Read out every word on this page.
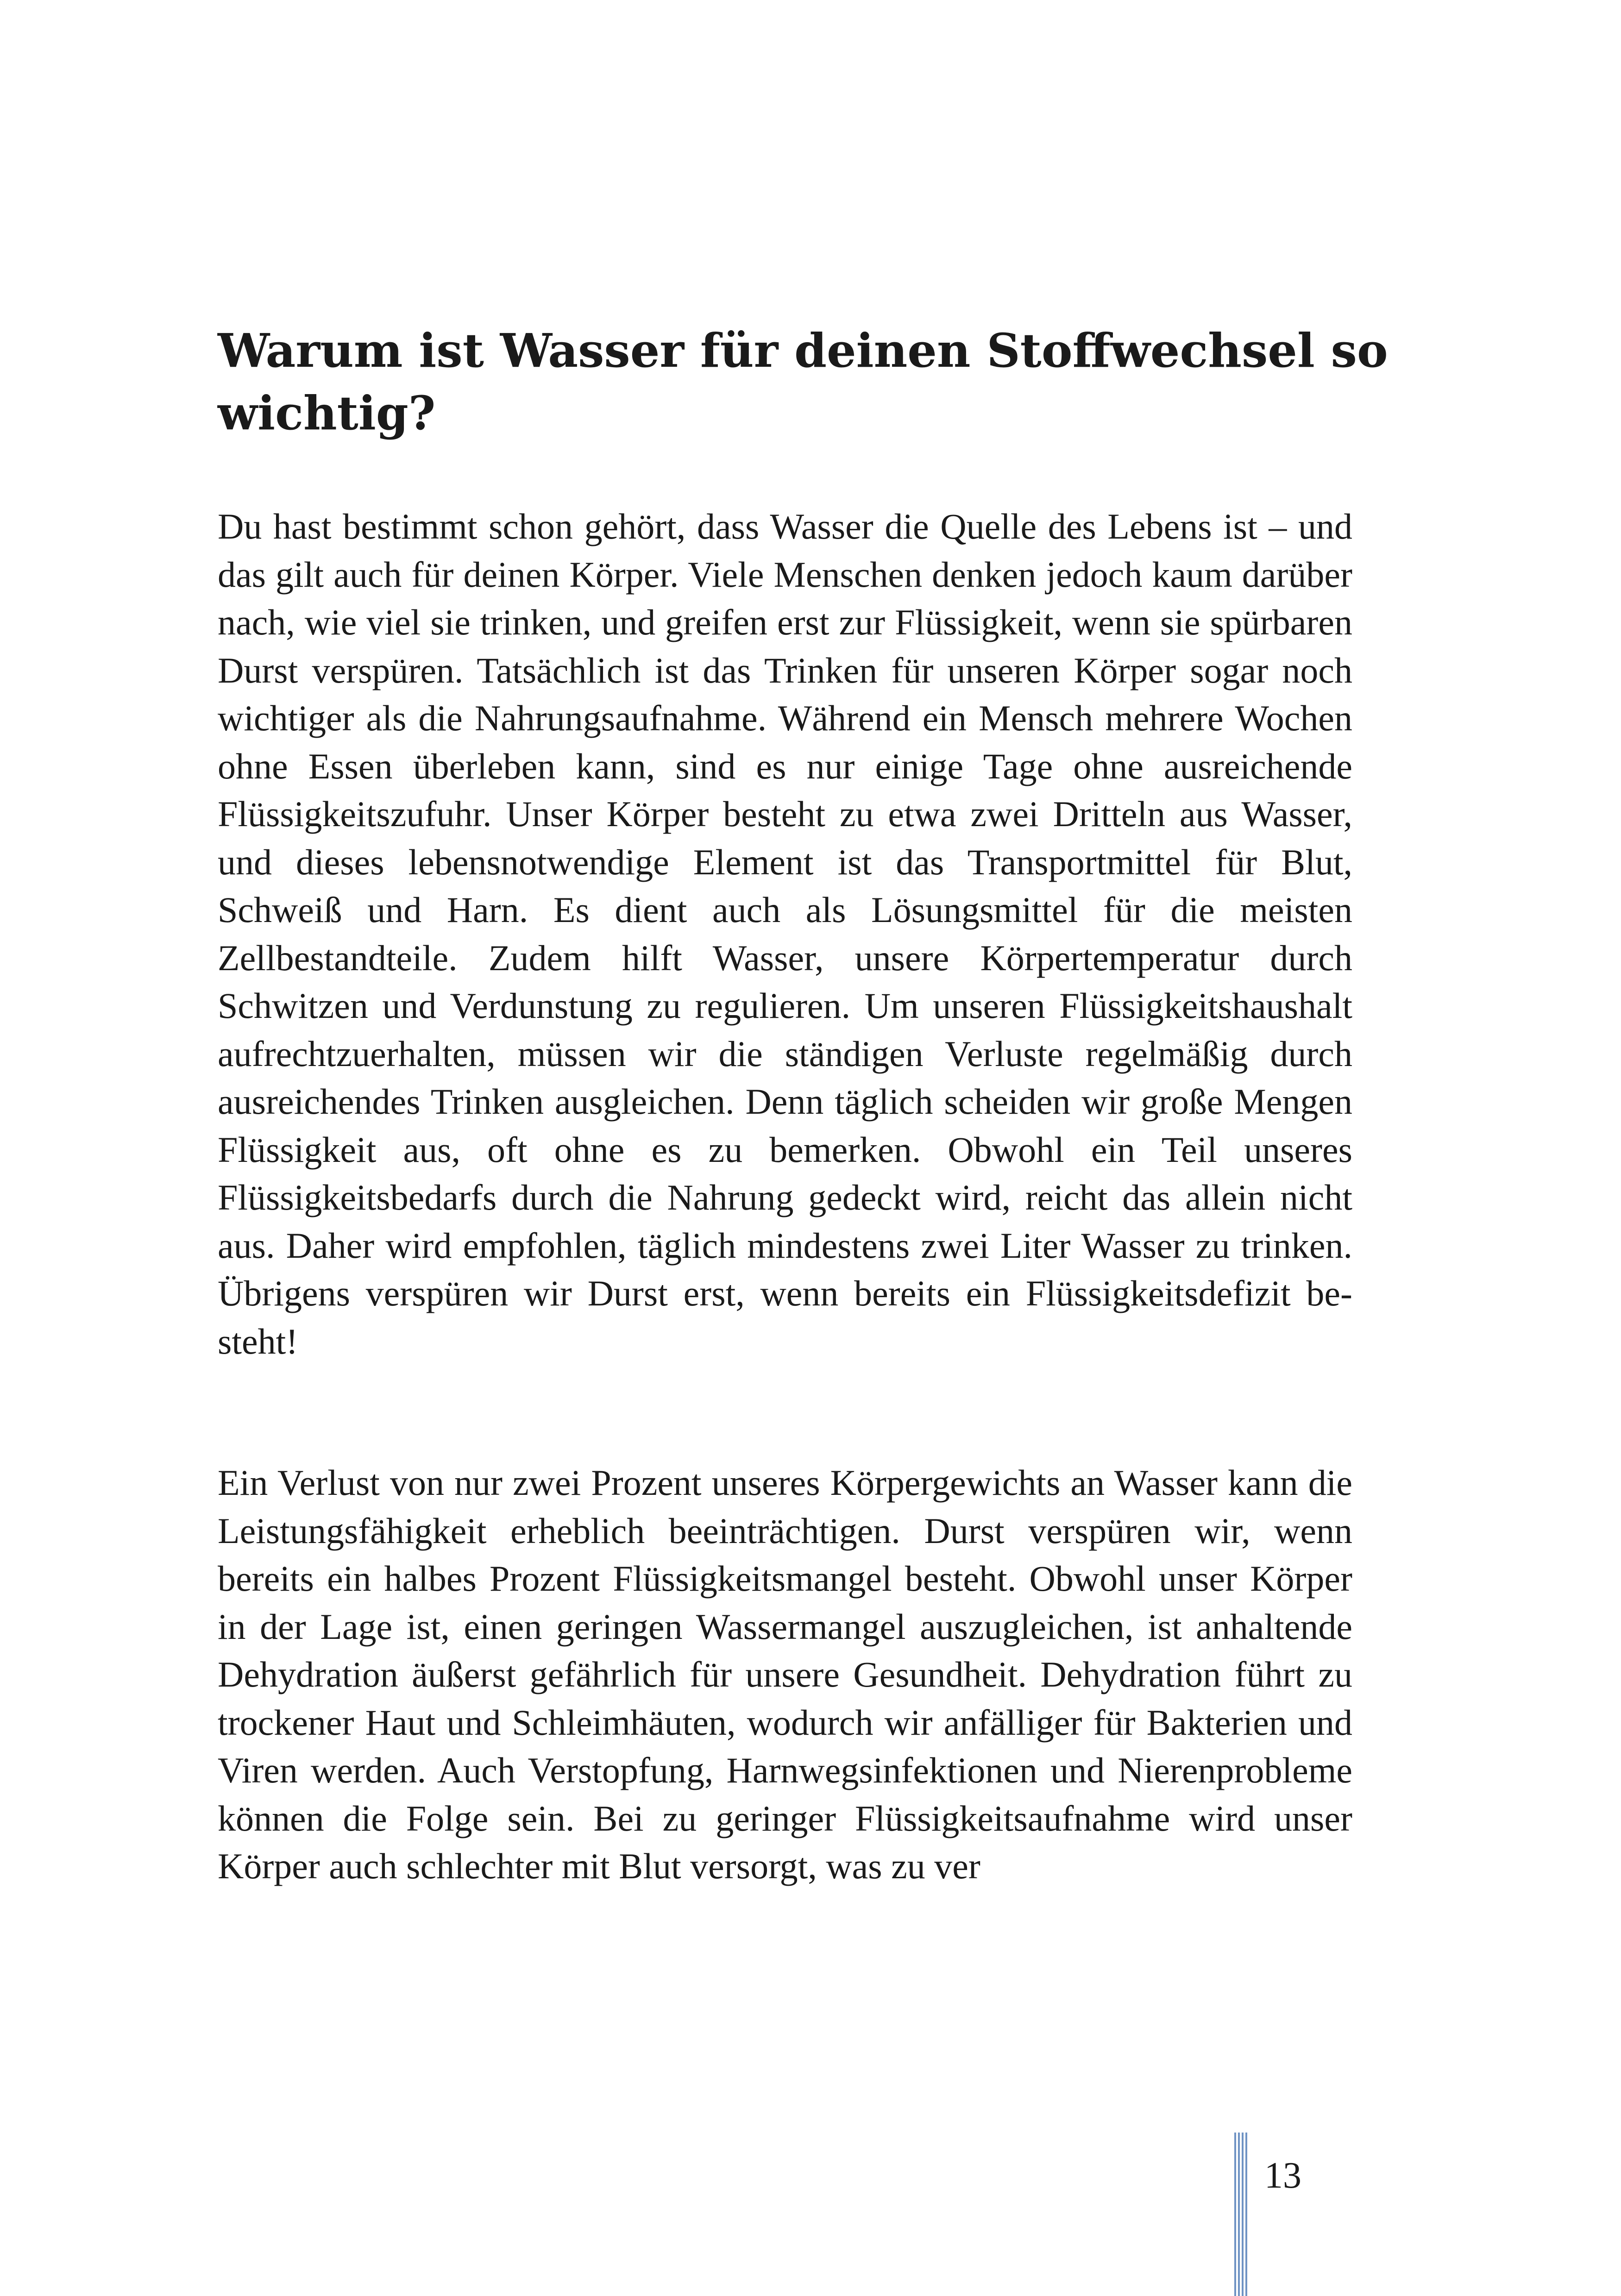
Warum ist Wasser für deinen Stoffwechsel so wichtig?

Du hast bestimmt schon gehört, dass Wasser die Quelle des Lebens ist – und das gilt auch für deinen Körper. Viele Menschen denken jedoch kaum darüber nach, wie viel sie trinken, und greifen erst zur Flüssigkeit, wenn sie spürbaren Durst verspüren. Tatsächlich ist das Trinken für unseren Körper sogar noch wichtiger als die Nahrungsaufnahme. Während ein Mensch mehrere Wochen ohne Essen überleben kann, sind es nur einige Tage ohne ausreichende Flüssigkeitszufuhr. Unser Körper besteht zu etwa zwei Dritteln aus Wasser, und dieses lebensnotwendige Element ist das Transportmittel für Blut, Schweiß und Harn. Es dient auch als Lösungsmittel für die meisten Zellbestandteile. Zudem hilft Wasser, unsere Körpertemperatur durch Schwitzen und Verdunstung zu regulieren. Um unseren Flüssigkeitshaushalt aufrechtzuerhalten, müssen wir die ständigen Verluste regelmäßig durch ausreichendes Trinken ausgleichen. Denn täglich scheiden wir große Mengen Flüssigkeit aus, oft ohne es zu bemerken. Obwohl ein Teil unseres Flüssigkeitsbedarfs durch die Nahrung gedeckt wird, reicht das allein nicht aus. Daher wird empfohlen, täglich mindestens zwei Liter Wasser zu trinken. Übrigens verspüren wir Durst erst, wenn bereits ein Flüssigkeitsdefizit besteht!

Ein Verlust von nur zwei Prozent unseres Körpergewichts an Wasser kann die Leistungsfähigkeit erheblich beeinträchtigen. Durst verspüren wir, wenn bereits ein halbes Prozent Flüssigkeitsmangel besteht. Obwohl unser Körper in der Lage ist, einen geringen Wassermangel auszugleichen, ist anhaltende Dehydration äußerst gefährlich für unsere Gesundheit. Dehydration führt zu trockener Haut und Schleimhäuten, wodurch wir anfälliger für Bakterien und Viren werden. Auch Verstopfung, Harnwegsinfektionen und Nierenprobleme können die Folge sein. Bei zu geringer Flüssigkeitsaufnahme wird unser Körper auch schlechter mit Blut versorgt, was zu ver

13
